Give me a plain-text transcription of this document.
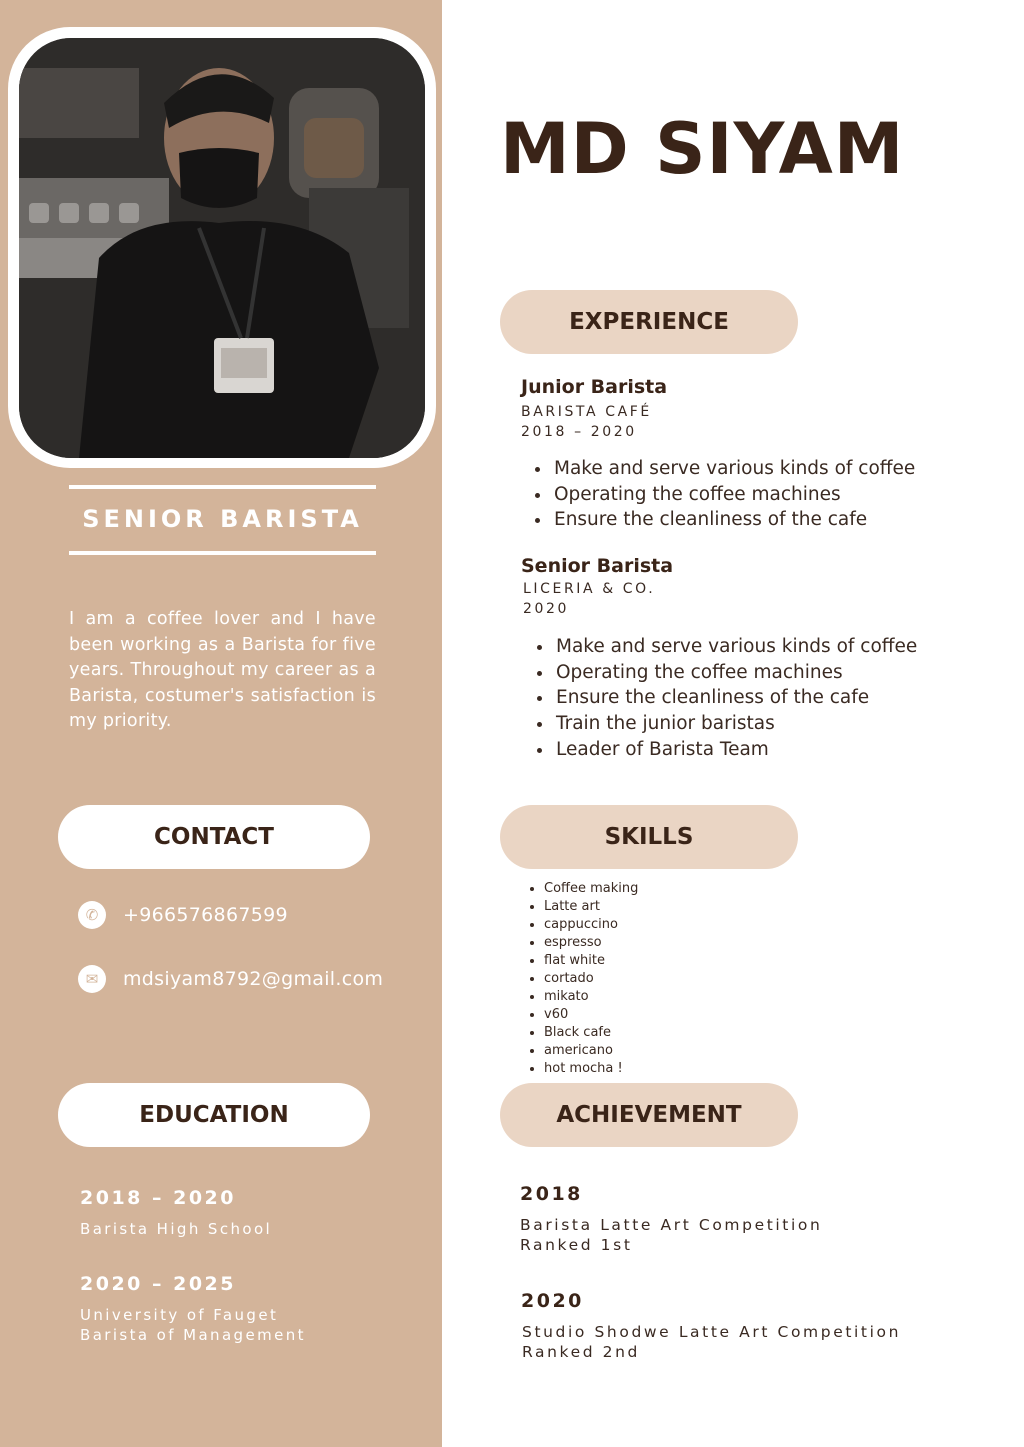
SENIOR BARISTA
I am a coffee lover and I have been working as a Barista for five years. Throughout my career as a Barista, costumer's satisfaction is my priority.
CONTACT
✆	+966576867599
✉	mdsiyam8792@gmail.com
EDUCATION
2018 – 2020
Barista High School
2020 – 2025
University of Fauget
Barista of Management
MD SIYAM
EXPERIENCE
Junior Barista
BARISTA CAFÉ
2018 – 2020
• Make and serve various kinds of coffee
• Operating the coffee machines
• Ensure the cleanliness of the cafe
Senior Barista
LICERIA & CO.
2020
• Make and serve various kinds of coffee
• Operating the coffee machines
• Ensure the cleanliness of the cafe
• Train the junior baristas
• Leader of Barista Team
SKILLS
• Coffee making
• Latte art
• cappuccino
• espresso
• flat white
• cortado
• mikato
• v60
• Black cafe
• americano
• hot mocha !
ACHIEVEMENT
2018
Barista Latte Art Competition
Ranked 1st
2020
Studio Shodwe Latte Art Competition
Ranked 2nd
